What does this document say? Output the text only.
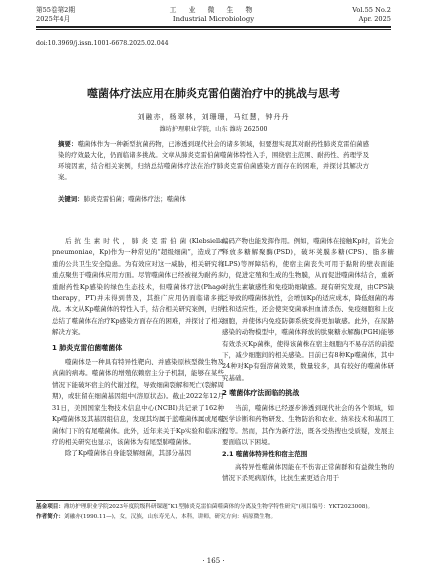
第55卷第2期
2025年4月
工 业 微 生 物
Industrial Microbiology
Vol.55 No.2
Apr. 2025
doi:10.3969/j.issn.1001-6678.2025.02.044
噬菌体疗法应用在肺炎克雷伯菌治疗中的挑战与思考
刘融亦，杨翠林，刘珊珊，马红慧，钟丹丹
潍坊护理职业学院，山东 潍坊 262500
摘要：噬菌体作为一种新型抗菌药物，已渗透到现代社会的诸多领域，但要想实现其对耐药性肺炎克雷伯菌感染的疗效最大化，仍面临诸多挑战。文章从肺炎克雷伯菌噬菌体特性入手，围绕宿主范围、耐药性、药理学及环境因素，结合相关案例，归纳总结噬菌体疗法在治疗肺炎克雷伯菌感染方面存在的困难，并探讨其解决方案。
关键词：肺炎克雷伯菌；噬菌体疗法；噬菌体

后抗生素时代，肺炎克雷伯菌(Klebsiella pneumoniae，Kp)作为一种常见的“超级细菌”，造成了严重的公共卫生安全隐患。为有效应对这一威胁，相关研究将重点聚焦于噬菌体应用方面。尽管噬菌体已经被视为耐药多重耐药性Kp感染的绿色生态技术，但噬菌体疗法(Phage therapy，PT)并未得到普及，其推广应用仍面临诸多挑战。本文从Kp噬菌体的特性入手，结合相关研究案例，归纳总结了噬菌体在治疗Kp感染方面存在的困难，并探讨了相关解决方案。

1 肺炎克雷伯菌噬菌体

噬菌体是一种具有特异性靶向、并感染原核型微生物及真菌的病毒。噬菌体的增殖依赖宿主分子机制，能够在某些情况下能破坏宿主的代谢过程，导致细菌裂解和死亡(裂解周期)，或驻留在细菌基因组中(溶原状态)。截止2022年12月31日，美国国家生物技术信息中心(NCBI)共记录了162种Kp噬菌体及其基因组信息，发现其均属于蓝噬菌体属或尾噬菌体门下的有尾噬菌体。此外，近年来关于Kp实验和临床治疗的相关研究也显示，该菌体为有尾型肺噬菌体。

除了Kp噬菌体自身能裂解细菌，其部分基因

编码产物也能发挥作用。例如，噬菌体在接触Kp时，首先会释放多糖解聚酶(PSD)，破坏荚膜多糖(CPS)、脂多糖(LPS)等屏障结构，使宿主菌丧失可用于黏附的壁表面能力，促进定殖和生成的生物膜，从而促进噬菌体结合，重新对抗生素敏感性和免疫助细敏感。现有研究发现，由CPS缺乏导致的噬菌体抗性，会增加Kp的适应成本，降低细菌的毒性和适应性，还会使突变菌承担血清杀伤、免疫细胞和上皮细胞，并使体内免疫防御系统变得更加敏感。此外，在尿路感染的动物模型中，噬菌体释放的肽聚糖水解酶(PGH)能够有效杀灭Kp菌株，使得该菌株在宿主细胞内不易存活的前提下，减少细胞间的相关感染。目前已有8种Kp噬菌体，其中24种对Kp有强溶菌效果，数量较多，具有较好的噬菌体研究基础。

2 噬菌体疗法面临的挑战

当前，噬菌体已经逐步渗透到现代社会的各个领域，如医学诊断和药物研发、生物防治和农业、纳米技术和基因工程等。然而，其作为新疗法，既各受热搜也受质疑，发展主要面临以下困境。

2.1 噬菌体特异性和宿主范围

高特异性噬菌体因能在不伤害正常菌群和有益微生物的情况下杀死病原体，比抗生素更适合用于

基金项目：潍坊护理职业学院2023年度院级科研课题“K1型肺炎克雷伯菌噬菌体的分离及生物学特性研究”(项目编号：YKT2023008)。
作者简介：刘融亦(1990.11—)，女，汉族，山东寿光人，本科，讲师，研究方向：病原微生物。
· 165 ·
